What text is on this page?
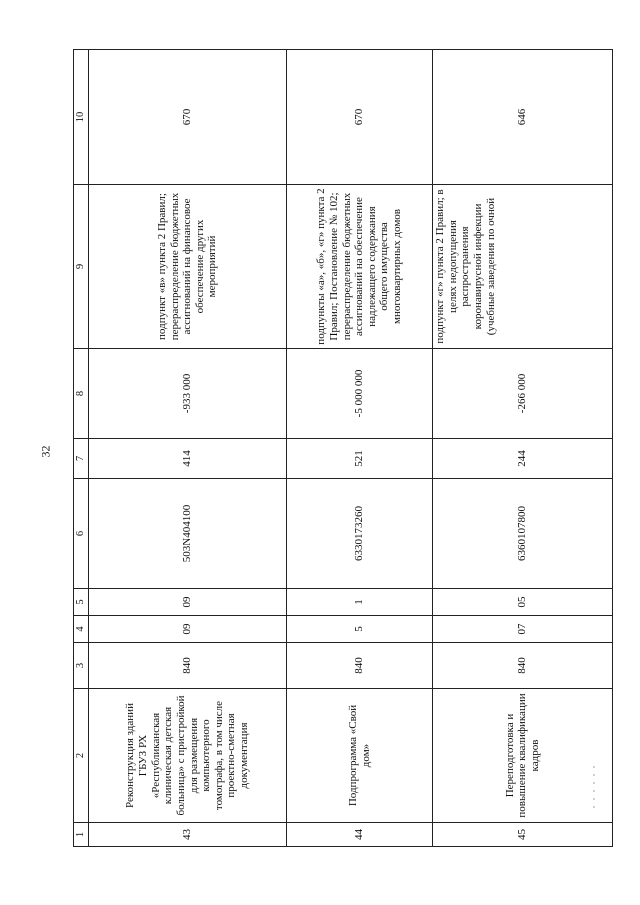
32
1	2	3	4	5	6	7	8	9	10
43	Реконструкция зданий ГБУЗ РХ «Республиканская клиническая детская больница» с пристройкой для размещения компьютерного томографа, в том числе проектно-сметная документация	840	09	09	503N404100	414	-933 000	подпункт «в» пункта 2 Правил; перераспределение бюджетных ассигнований на финансовое обеспечение других мероприятий	670
44	Подпрограмма «Свой дом»	840	5	1	6330173260	521	-5 000 000	подпункты «а», «б», «г» пункта 2 Правил; Постановление № 102; перераспределение бюджетных ассигнований на обеспечение надлежащего содержания общего имущества многоквартирных домов	670
45	Переподготовка и повышение квалификации кадров	840	07	05	6360107800	244	-266 000	подпункт «г» пункта 2 Правил; в целях недопущения распространения коронавирусной инфекции (учебные заведения по очной	646
